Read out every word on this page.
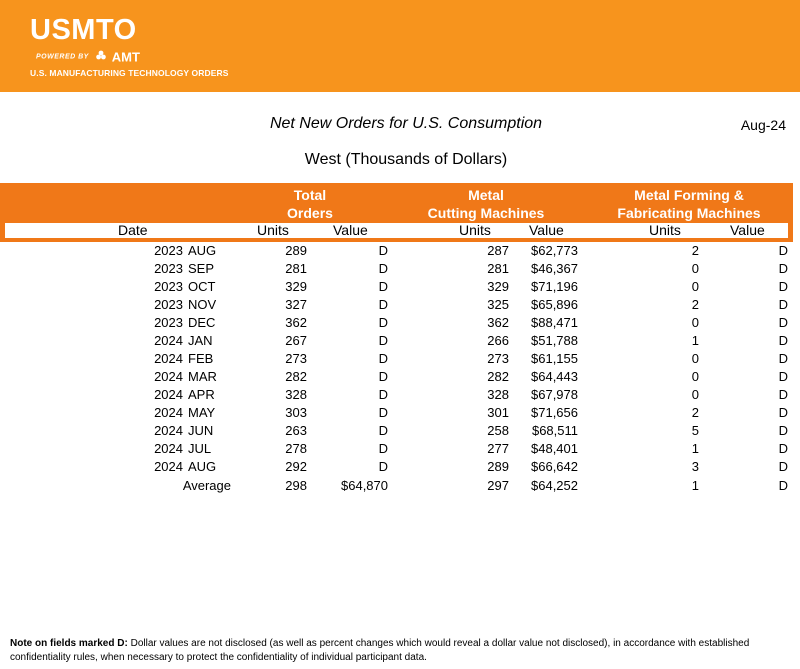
USMTO
POWERED BY AMT
U.S. MANUFACTURING TECHNOLOGY ORDERS
Net New Orders for U.S. Consumption	Aug-24
West (Thousands of Dollars)
Total
Orders
Metal
Cutting Machines
Metal Forming &
Fabricating Machines
Date	Units	Value	Units	Value	Units	Value
2023 AUG	289	D	287	$62,773	2	D
2023 SEP	281	D	281	$46,367	0	D
2023 OCT	329	D	329	$71,196	0	D
2023 NOV	327	D	325	$65,896	2	D
2023 DEC	362	D	362	$88,471	0	D
2024 JAN	267	D	266	$51,788	1	D
2024 FEB	273	D	273	$61,155	0	D
2024 MAR	282	D	282	$64,443	0	D
2024 APR	328	D	328	$67,978	0	D
2024 MAY	303	D	301	$71,656	2	D
2024 JUN	263	D	258	$68,511	5	D
2024 JUL	278	D	277	$48,401	1	D
2024 AUG	292	D	289	$66,642	3	D
Average	298	$64,870	297	$64,252	1	D
Note on fields marked D: Dollar values are not disclosed (as well as percent changes which would reveal a dollar value not disclosed), in accordance with established confidentiality rules, when necessary to protect the confidentiality of individual participant data.
